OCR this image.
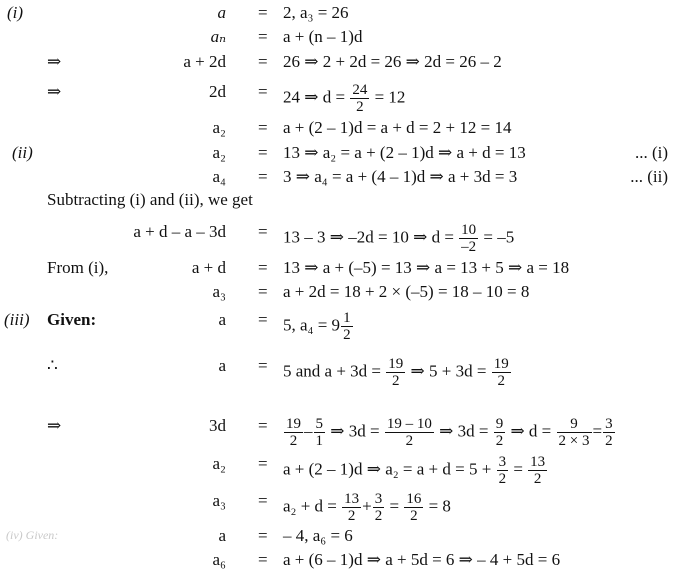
(i)	a = 2, a₃ = 26
aₙ = a + (n – 1)d
⇒	a + 2d = 26 ⇒ 2 + 2d = 26 ⇒ 2d = 26 – 2
⇒	2d = 24 ⇒ $d = \frac{24}{2} = 12$
a₂ = a + (2 – 1)d = a + d = 2 + 12 = 14
(ii)	a₂ = 13 ⇒ a₂ = a + (2 – 1)d ⇒ a + d = 13	... (i)
a₄ = 3 ⇒ a₄ = a + (4 – 1)d ⇒ a + 3d = 3	... (ii)
Subtracting (i) and (ii), we get
a + d – a – 3d = 13 – 3 ⇒ –2d = 10 ⇒ $d = \frac{10}{-2} = -5$
From (i),	a + d = 13 ⇒ a + (–5) = 13 ⇒ a = 13 + 5 ⇒ a = 18
a₃ = a + 2d = 18 + 2 × (–5) = 18 – 10 = 8
(iii) Given:	a = 5, $a_4 = 9 \frac{1}{2}$
∴	a = 5 and $a + 3d = \frac{19}{2}$ ⇒ $5 + 3d = \frac{19}{2}$
⇒	$3d = \frac{19}{2} - \frac{5}{1}$ ⇒ $3d = \frac{19 - 10}{2}$ ⇒ $3d = \frac{9}{2}$ ⇒ $d = \frac{9}{2 \times 3} = \frac{3}{2}$
a₂ = a + (2 – 1)d ⇒ $a_2 = a + d = 5 + \frac{3}{2} = \frac{13}{2}$
$a_3 = a_2 + d = \frac{13}{2} + \frac{3}{2} = \frac{16}{2} = 8$
(iv) Given:	a = – 4, a₆ = 6
a₆ = a + (6 – 1)d ⇒ a + 5d = 6 ⇒ – 4 + 5d = 6
